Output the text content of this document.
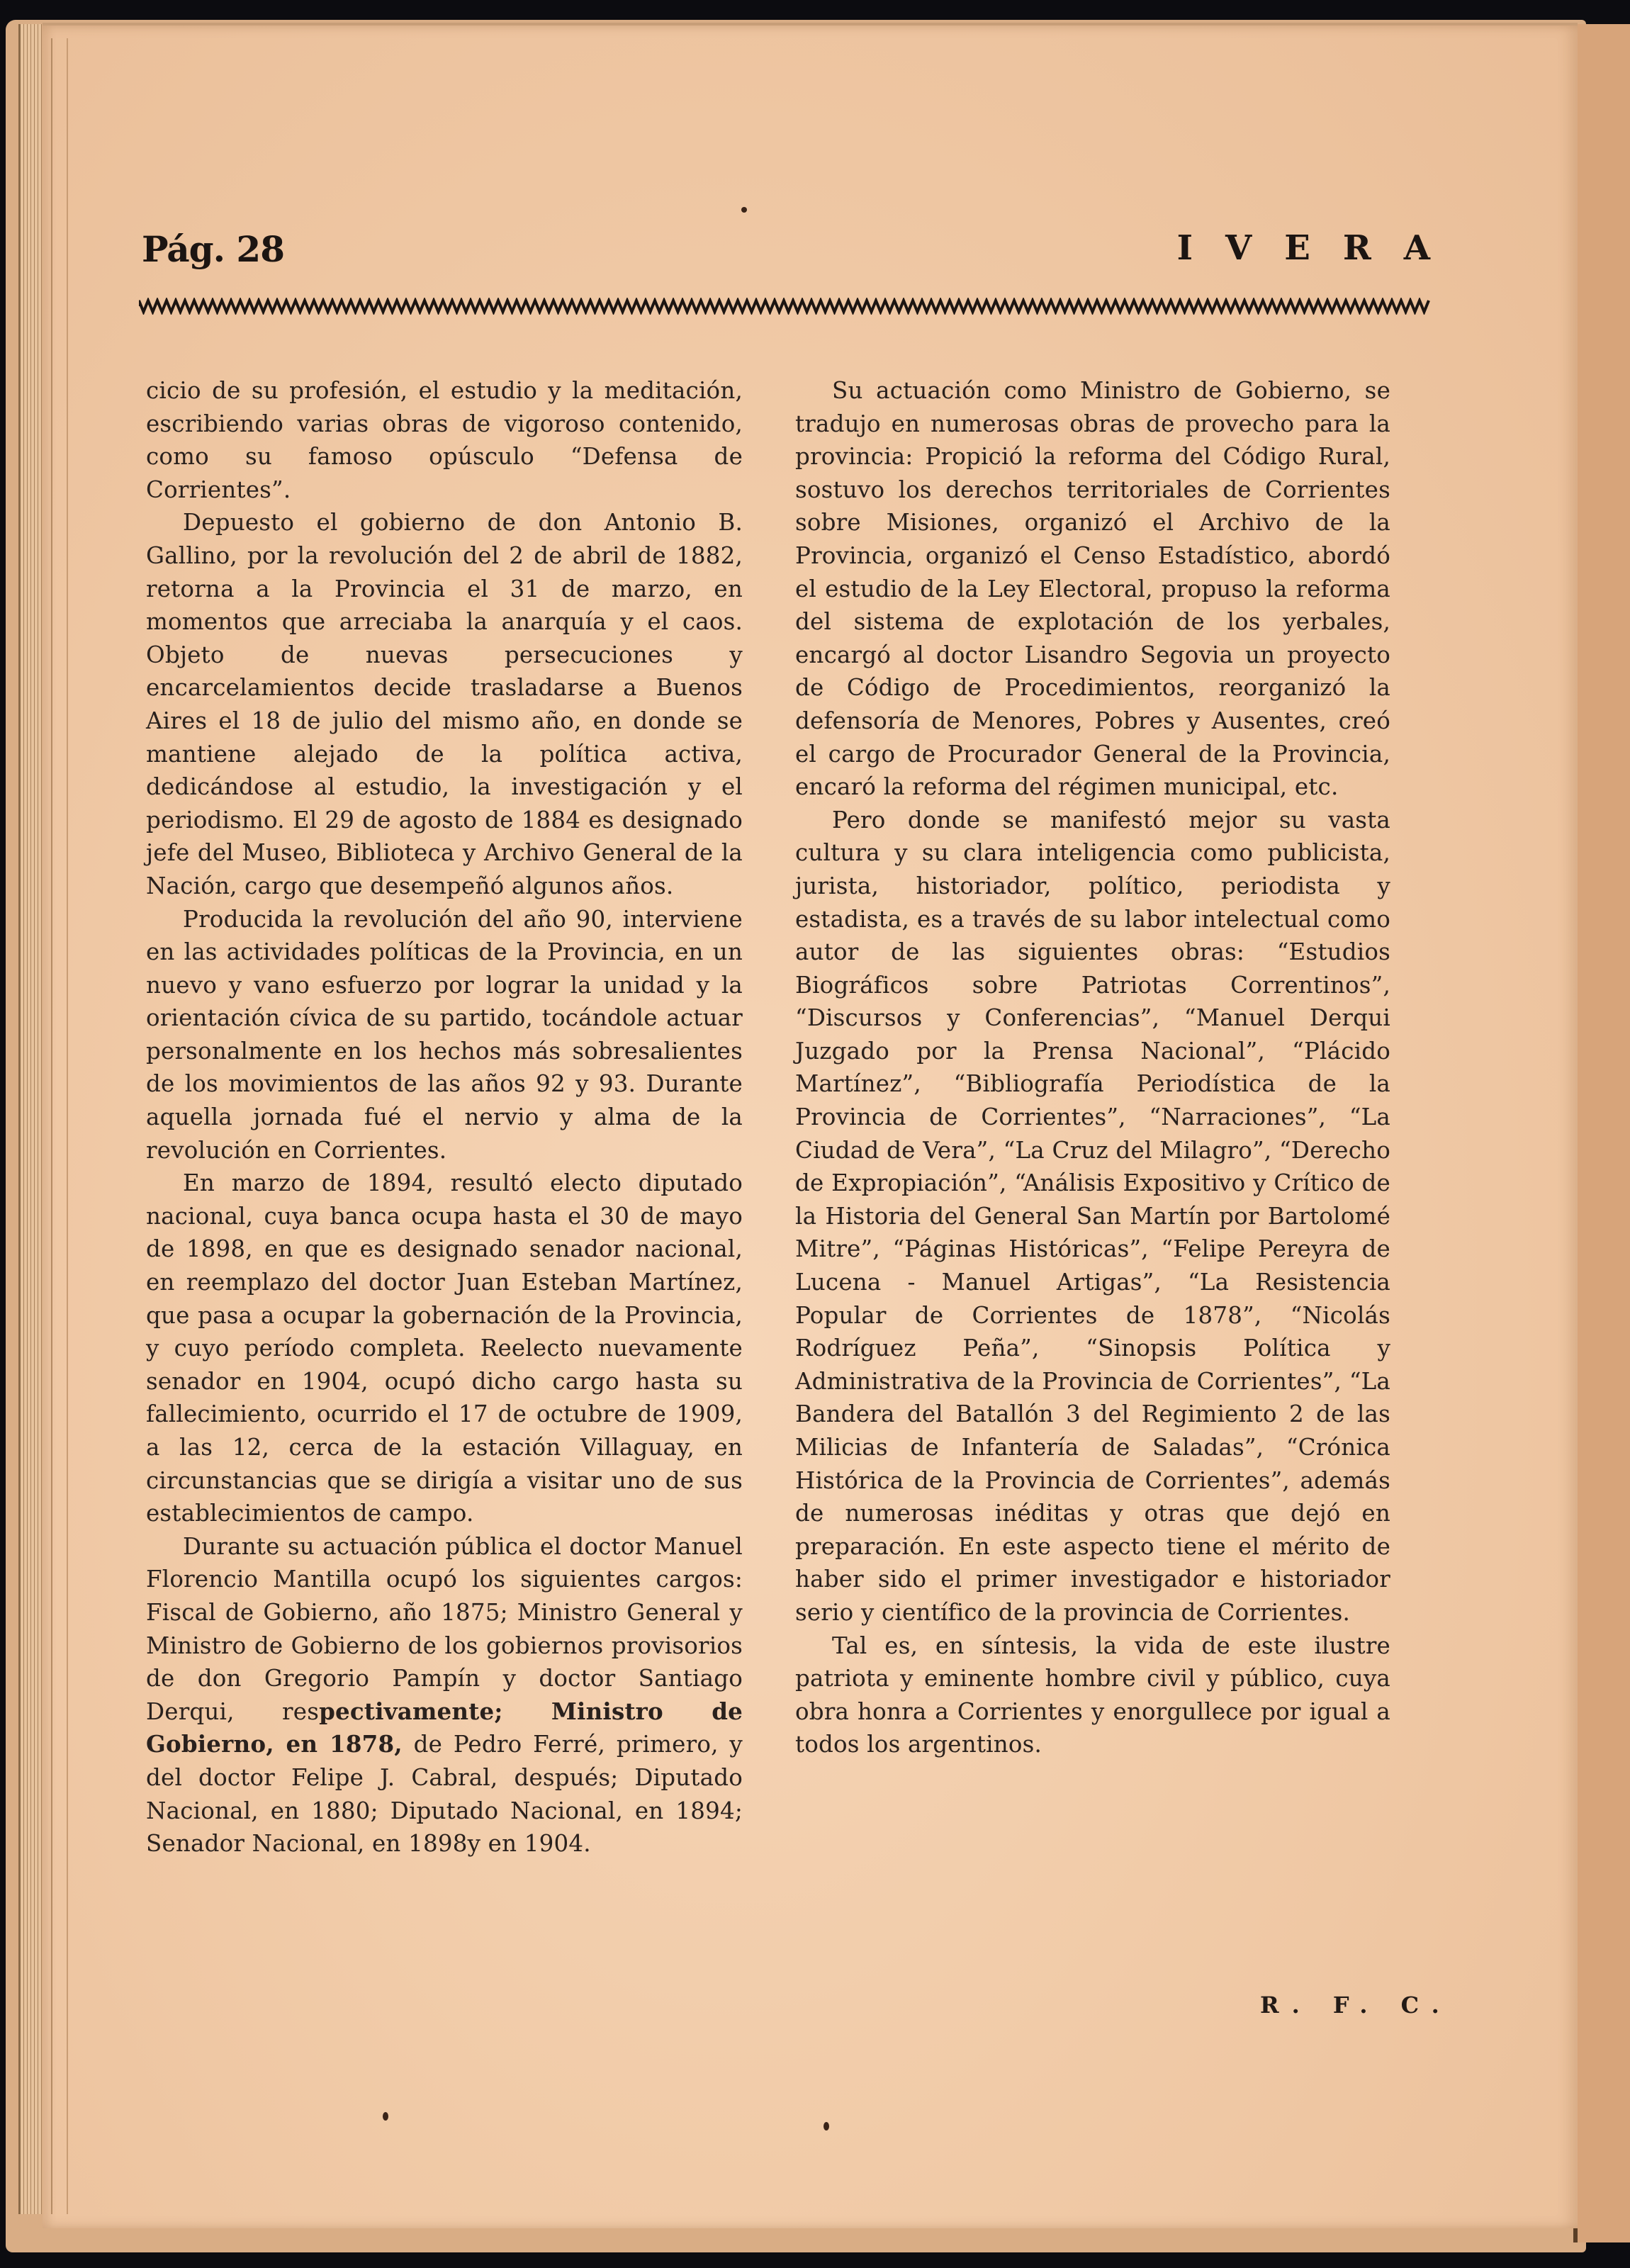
Pág. 28	IVERA

cicio de su profesión, el estudio y la meditación, escribiendo varias obras de vigoroso contenido, como su famoso opúsculo “Defensa de Corrientes”.

Depuesto el gobierno de don Antonio B. Gallino, por la revolución del 2 de abril de 1882, retorna a la Provincia el 31 de marzo, en momentos que arreciaba la anarquía y el caos. Objeto de nuevas persecuciones y encarcelamientos decide trasladarse a Buenos Aires el 18 de julio del mismo año, en donde se mantiene alejado de la política activa, dedicándose al estudio, la investigación y el periodismo. El 29 de agosto de 1884 es designado jefe del Museo, Biblioteca y Archivo General de la Nación, cargo que desempeñó algunos años.

Producida la revolución del año 90, interviene en las actividades políticas de la Provincia, en un nuevo y vano esfuerzo por lograr la unidad y la orientación cívica de su partido, tocándole actuar personalmente en los hechos más sobresalientes de los movimientos de las años 92 y 93. Durante aquella jornada fué el nervio y alma de la revolución en Corrientes.

En marzo de 1894, resultó electo diputado nacional, cuya banca ocupa hasta el 30 de mayo de 1898, en que es designado senador nacional, en reemplazo del doctor Juan Esteban Martínez, que pasa a ocupar la gobernación de la Provincia, y cuyo período completa. Reelecto nuevamente senador en 1904, ocupó dicho cargo hasta su fallecimiento, ocurrido el 17 de octubre de 1909, a las 12, cerca de la estación Villaguay, en circunstancias que se dirigía a visitar uno de sus establecimientos de campo.

Durante su actuación pública el doctor Manuel Florencio Mantilla ocupó los siguientes cargos: Fiscal de Gobierno, año 1875; Ministro General y Ministro de Gobierno de los gobiernos provisorios de don Gregorio Pampín y doctor Santiago Derqui, respectivamente; Ministro de Gobierno, en 1878, de Pedro Ferré, primero, y del doctor Felipe J. Cabral, después; Diputado Nacional, en 1880; Diputado Nacional, en 1894; Senador Nacional, en 1898y en 1904.

Su actuación como Ministro de Gobierno, se tradujo en numerosas obras de provecho para la provincia: Propició la reforma del Código Rural, sostuvo los derechos territoriales de Corrientes sobre Misiones, organizó el Archivo de la Provincia, organizó el Censo Estadístico, abordó el estudio de la Ley Electoral, propuso la reforma del sistema de explotación de los yerbales, encargó al doctor Lisandro Segovia un proyecto de Código de Procedimientos, reorganizó la defensoría de Menores, Pobres y Ausentes, creó el cargo de Procurador General de la Provincia, encaró la reforma del régimen municipal, etc.

Pero donde se manifestó mejor su vasta cultura y su clara inteligencia como publicista, jurista, historiador, político, periodista y estadista, es a través de su labor intelectual como autor de las siguientes obras: “Estudios Biográficos sobre Patriotas Correntinos”, “Discursos y Conferencias”, “Manuel Derqui Juzgado por la Prensa Nacional”, “Plácido Martínez”, “Bibliografía Periodística de la Provincia de Corrientes”, “Narraciones”, “La Ciudad de Vera”, “La Cruz del Milagro”, “Derecho de Expropiación”, “Análisis Expositivo y Crítico de la Historia del General San Martín por Bartolomé Mitre”, “Páginas Históricas”, “Felipe Pereyra de Lucena - Manuel Artigas”, “La Resistencia Popular de Corrientes de 1878”, “Nicolás Rodríguez Peña”, “Sinopsis Política y Administrativa de la Provincia de Corrientes”, “La Bandera del Batallón 3 del Regimiento 2 de las Milicias de Infantería de Saladas”, “Crónica Histórica de la Provincia de Corrientes”, además de numerosas inéditas y otras que dejó en preparación. En este aspecto tiene el mérito de haber sido el primer investigador e historiador serio y científico de la provincia de Corrientes.

Tal es, en síntesis, la vida de este ilustre patriota y eminente hombre civil y público, cuya obra honra a Corrientes y enorgullece por igual a todos los argentinos.

R. F. C.
